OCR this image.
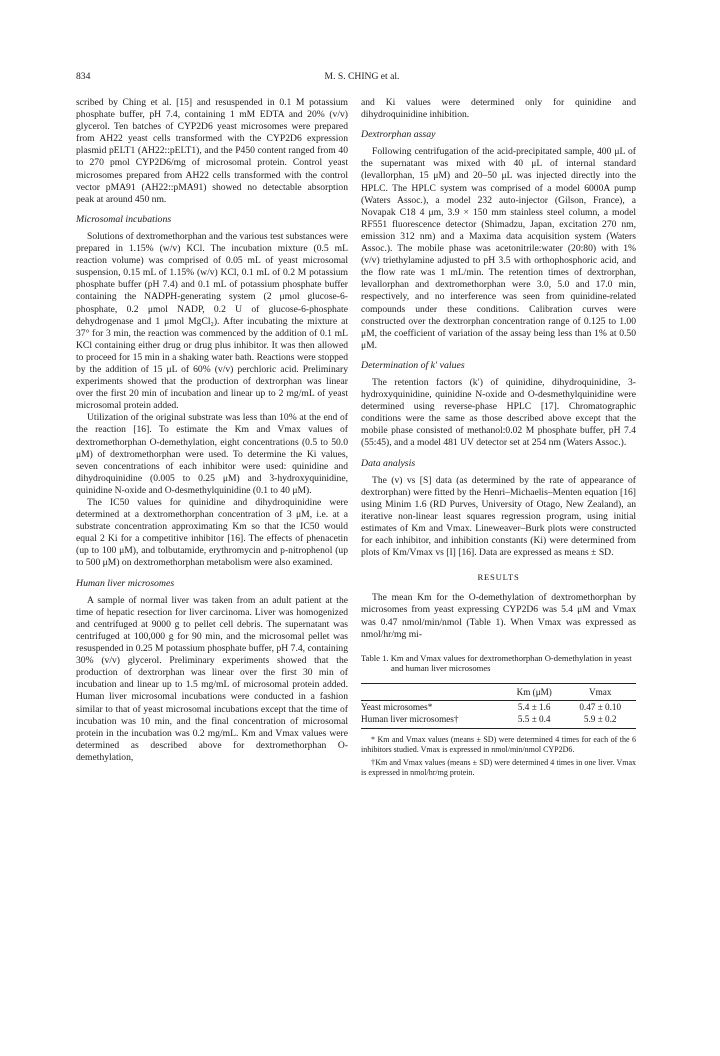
834	M. S. CHING et al.

scribed by Ching et al. [15] and resuspended in 0.1 M potassium phosphate buffer, pH 7.4, containing 1 mM EDTA and 20% (v/v) glycerol. Ten batches of CYP2D6 yeast microsomes were prepared from AH22 yeast cells transformed with the CYP2D6 expression plasmid pELT1 (AH22::pELT1), and the P450 content ranged from 40 to 270 pmol CYP2D6/mg of microsomal protein. Control yeast microsomes prepared from AH22 cells transformed with the control vector pMA91 (AH22::pMA91) showed no detectable absorption peak at around 450 nm.

Microsomal incubations

Solutions of dextromethorphan and the various test substances were prepared in 1.15% (w/v) KCl. The incubation mixture (0.5 mL reaction volume) was comprised of 0.05 mL of yeast microsomal suspension, 0.15 mL of 1.15% (w/v) KCl, 0.1 mL of 0.2 M potassium phosphate buffer (pH 7.4) and 0.1 mL of potassium phosphate buffer containing the NADPH-generating system (2 μmol glucose-6-phosphate, 0.2 μmol NADP, 0.2 U of glucose-6-phosphate dehydrogenase and 1 μmol MgCl₂). After incubating the mixture at 37° for 3 min, the reaction was commenced by the addition of 0.1 mL KCl containing either drug or drug plus inhibitor. It was then allowed to proceed for 15 min in a shaking water bath. Reactions were stopped by the addition of 15 μL of 60% (v/v) perchloric acid. Preliminary experiments showed that the production of dextrorphan was linear over the first 20 min of incubation and linear up to 2 mg/mL of yeast microsomal protein added.

Utilization of the original substrate was less than 10% at the end of the reaction [16]. To estimate the Km and Vmax values of dextromethorphan O-demethylation, eight concentrations (0.5 to 50.0 μM) of dextromethorphan were used. To determine the Ki values, seven concentrations of each inhibitor were used: quinidine and dihydroquinidine (0.005 to 0.25 μM) and 3-hydroxyquinidine, quinidine N-oxide and O-desmethylquinidine (0.1 to 40 μM).

The IC50 values for quinidine and dihydroquinidine were determined at a dextromethorphan concentration of 3 μM, i.e. at a substrate concentration approximating Km so that the IC50 would equal 2 Ki for a competitive inhibitor [16]. The effects of phenacetin (up to 100 μM), and tolbutamide, erythromycin and p-nitrophenol (up to 500 μM) on dextromethorphan metabolism were also examined.

Human liver microsomes

A sample of normal liver was taken from an adult patient at the time of hepatic resection for liver carcinoma. Liver was homogenized and centrifuged at 9000 g to pellet cell debris. The supernatant was centrifuged at 100,000 g for 90 min, and the microsomal pellet was resuspended in 0.25 M potassium phosphate buffer, pH 7.4, containing 30% (v/v) glycerol. Preliminary experiments showed that the production of dextrorphan was linear over the first 30 min of incubation and linear up to 1.5 mg/mL of microsomal protein added. Human liver microsomal incubations were conducted in a fashion similar to that of yeast microsomal incubations except that the time of incubation was 10 min, and the final concentration of microsomal protein in the incubation was 0.2 mg/mL. Km and Vmax values were determined as described above for dextromethorphan O-demethylation,

and Ki values were determined only for quinidine and dihydroquinidine inhibition.

Dextrorphan assay

Following centrifugation of the acid-precipitated sample, 400 μL of the supernatant was mixed with 40 μL of internal standard (levallorphan, 15 μM) and 20–50 μL was injected directly into the HPLC. The HPLC system was comprised of a model 6000A pump (Waters Assoc.), a model 232 auto-injector (Gilson, France), a Novapak C18 4 μm, 3.9 × 150 mm stainless steel column, a model RF551 fluorescence detector (Shimadzu, Japan, excitation 270 nm, emission 312 nm) and a Maxima data acquisition system (Waters Assoc.). The mobile phase was acetonitrile:water (20:80) with 1% (v/v) triethylamine adjusted to pH 3.5 with orthophosphoric acid, and the flow rate was 1 mL/min. The retention times of dextrorphan, levallorphan and dextromethorphan were 3.0, 5.0 and 17.0 min, respectively, and no interference was seen from quinidine-related compounds under these conditions. Calibration curves were constructed over the dextrorphan concentration range of 0.125 to 1.00 μM, the coefficient of variation of the assay being less than 1% at 0.50 μM.

Determination of k′ values

The retention factors (k′) of quinidine, dihydroquinidine, 3-hydroxyquinidine, quinidine N-oxide and O-desmethylquinidine were determined using reverse-phase HPLC [17]. Chromatographic conditions were the same as those described above except that the mobile phase consisted of methanol:0.02 M phosphate buffer, pH 7.4 (55:45), and a model 481 UV detector set at 254 nm (Waters Assoc.).

Data analysis

The (v) vs [S] data (as determined by the rate of appearance of dextrorphan) were fitted by the Henri–Michaelis–Menten equation [16] using Minim 1.6 (RD Purves, University of Otago, New Zealand), an iterative non-linear least squares regression program, using initial estimates of Km and Vmax. Lineweaver–Burk plots were constructed for each inhibitor, and inhibition constants (Ki) were determined from plots of Km/Vmax vs [I] [16]. Data are expressed as means ± SD.

RESULTS

The mean Km for the O-demethylation of dextromethorphan by microsomes from yeast expressing CYP2D6 was 5.4 μM and Vmax was 0.47 nmol/min/nmol (Table 1). When Vmax was expressed as nmol/hr/mg mi-

Table 1. Km and Vmax values for dextromethorphan O-demethylation in yeast and human liver microsomes
	Km (μM)	Vmax
Yeast microsomes*	5.4 ± 1.6	0.47 ± 0.10
Human liver microsomes†	5.5 ± 0.4	5.9 ± 0.2
* Km and Vmax values (means ± SD) were determined 4 times for each of the 6 inhibitors studied. Vmax is expressed in nmol/min/nmol CYP2D6.
†Km and Vmax values (means ± SD) were determined 4 times in one liver. Vmax is expressed in nmol/hr/mg protein.
